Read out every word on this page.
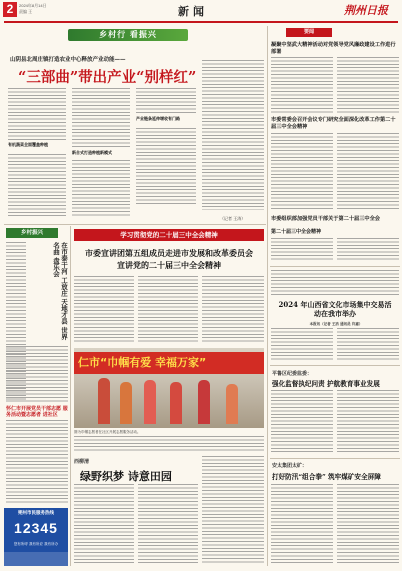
2	2024年8月14日
责编 王	新闻	荆州日报
乡村行 看振兴
山阴县北周庄镇打造农业中心释放产业动能——
“三部曲”带出产业“别样红”
产业链条延伸增收有门路
有机蔬菜全面覆盖种植
新合式打造种植新模式
（记者 王涛）
乡村振兴
在市泰干河 工放庄 天地才县 世界名曲 盘乐会
怀仁市开展党员干部志愿 服务活动暨志愿者 进社区
朔州市民服务热线
12345
您有所呼 我有所应 我有所办
学习贯彻党的二十届三中全会精神
市委宣讲团第五组成员走进市发展和改革委员会
宣讲党的二十届三中全会精神
仁市“巾帼有爱 幸福万家”
图为巾帼志愿者在社区开展志愿服务活动。
西柳清
绿野织梦 诗意田园
要闻
凝聚中坚武大精神活动对党领导党风廉政建设工作进行部署
市委常委会召开会议专门研究全面深化改革工作第二十届三中全会精神
市委组织部加强党员干部关于第二十届三中全会
第二十届三中全会精神
2024 年山西省文化市场集中交易活动在我市举办
本报讯（记者 王洁 通讯员 许惠）
平鲁区纪委监委：
强化监督执纪问责 护航教育事业发展
安太集团太矿：
打好防汛“组合拳” 筑牢煤矿安全屏障
